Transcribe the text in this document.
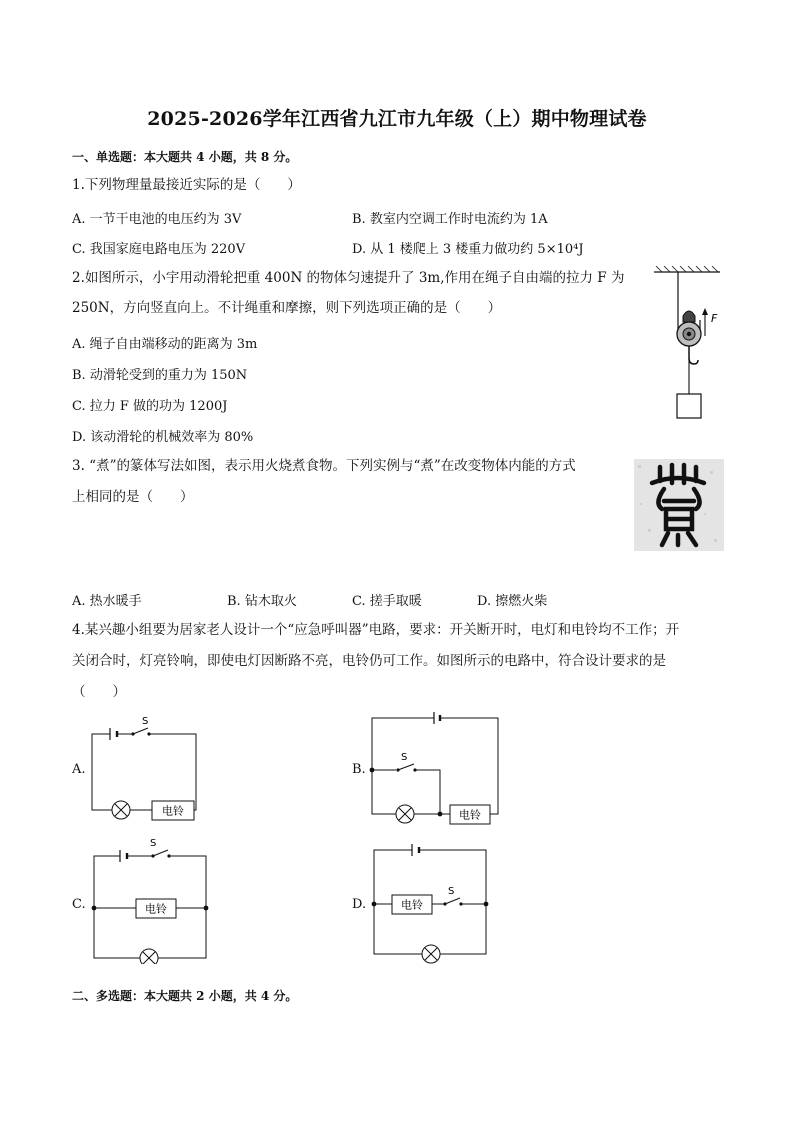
2025-2026学年江西省九江市九年级（上）期中物理试卷
一、单选题：本大题共 4 小题，共 8 分。
1.下列物理量最接近实际的是（　　）
A. 一节干电池的电压约为 3V	B. 教室内空调工作时电流约为 1A
C. 我国家庭电路电压为 220V	D. 从 1 楼爬上 3 楼重力做功约 5×10⁴J
2.如图所示，小宇用动滑轮把重 400N 的物体匀速提升了 3m,作用在绳子自由端的拉力 F 为
250N，方向竖直向上。不计绳重和摩擦，则下列选项正确的是（　　）
A. 绳子自由端移动的距离为 3m
B. 动滑轮受到的重力为 150N
C. 拉力 F 做的功为 1200J
D. 该动滑轮的机械效率为 80%
F
3. “煮”的篆体写法如图，表示用火烧煮食物。下列实例与“煮”在改变物体内能的方式
上相同的是（　　）
A. 热水暖手	B. 钻木取火	C. 搓手取暖	D. 擦燃火柴
4.某兴趣小组要为居家老人设计一个“应急呼叫器”电路，要求：开关断开时，电灯和电铃均不工作；开
关闭合时，灯亮铃响，即使电灯因断路不亮，电铃仍可工作。如图所示的电路中，符合设计要求的是
（　　）
A.
S
电铃
B.
S
电铃
C.
S
电铃	D.	电铃
S
二、多选题：本大题共 2 小题，共 4 分。
